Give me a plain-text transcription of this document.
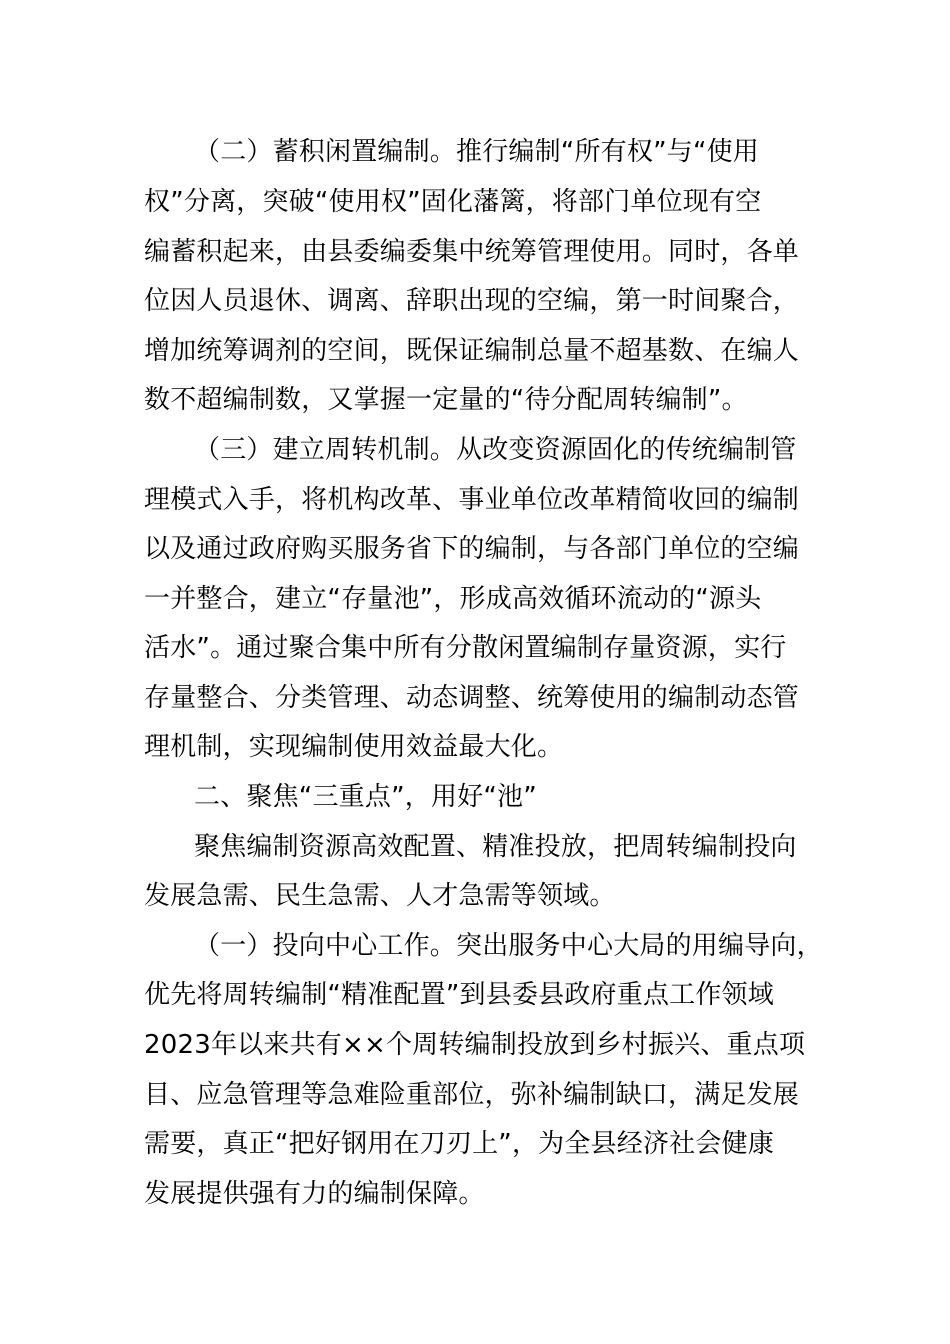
（二）蓄积闲置编制。推行编制“所有权”与“使用
权”分离，突破“使用权”固化藩篱，将部门单位现有空
编蓄积起来，由县委编委集中统筹管理使用。同时，各单
位因人员退休、调离、辞职出现的空编，第一时间聚合，
增加统筹调剂的空间，既保证编制总量不超基数、在编人
数不超编制数，又掌握一定量的“待分配周转编制”。
（三）建立周转机制。从改变资源固化的传统编制管
理模式入手，将机构改革、事业单位改革精简收回的编制
以及通过政府购买服务省下的编制，与各部门单位的空编
一并整合，建立“存量池”，形成高效循环流动的“源头
活水”。通过聚合集中所有分散闲置编制存量资源，实行
存量整合、分类管理、动态调整、统筹使用的编制动态管
理机制，实现编制使用效益最大化。
二、聚焦“三重点”，用好“池”
聚焦编制资源高效配置、精准投放，把周转编制投向
发展急需、民生急需、人才急需等领域。
（一）投向中心工作。突出服务中心大局的用编导向，
优先将周转编制“精准配置”到县委县政府重点工作领域
2023年以来共有××个周转编制投放到乡村振兴、重点项
目、应急管理等急难险重部位，弥补编制缺口，满足发展
需要，真正“把好钢用在刀刃上”，为全县经济社会健康
发展提供强有力的编制保障。
